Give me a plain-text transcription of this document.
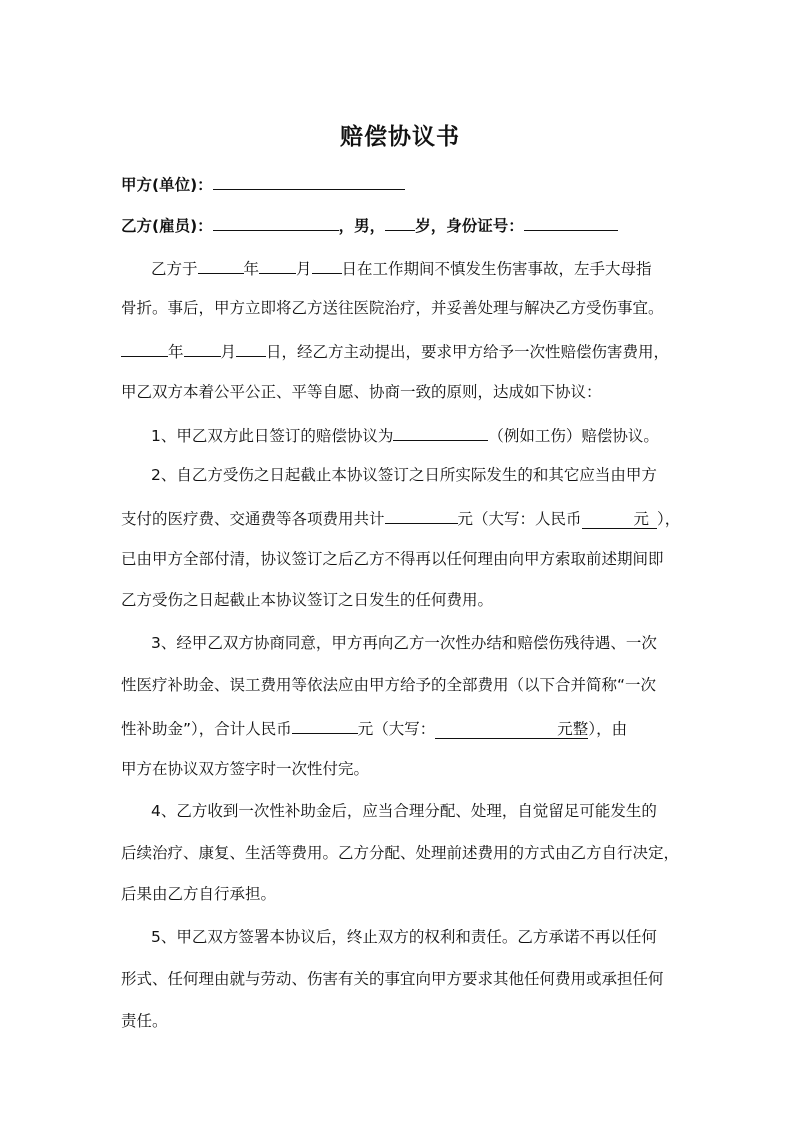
赔偿协议书
甲方(单位)：
乙方(雇员)：	，男， 岁，身份证号：
乙方于	年 月 日在工作期间不慎发生伤害事故，左手大母指
骨折。事后，甲方立即将乙方送往医院治疗，并妥善处理与解决乙方受伤事宜。
年 月 日，经乙方主动提出，要求甲方给予一次性赔偿伤害费用，
甲乙双方本着公平公正、平等自愿、协商一致的原则，达成如下协议：
1、甲乙双方此日签订的赔偿协议为	（例如工伤）赔偿协议。
2、自乙方受伤之日起截止本协议签订之日所实际发生的和其它应当由甲方
支付的医疗费、交通费等各项费用共计	元（大写：人民币	元 ），
已由甲方全部付清，协议签订之后乙方不得再以任何理由向甲方索取前述期间即
乙方受伤之日起截止本协议签订之日发生的任何费用。
3、经甲乙双方协商同意，甲方再向乙方一次性办结和赔偿伤残待遇、一次
性医疗补助金、误工费用等依法应由甲方给予的全部费用（以下合并简称“一次
性补助金”），合计人民币	元（大写：	元整），由
甲方在协议双方签字时一次性付完。
4、乙方收到一次性补助金后，应当合理分配、处理，自觉留足可能发生的
后续治疗、康复、生活等费用。乙方分配、处理前述费用的方式由乙方自行决定，
后果由乙方自行承担。
5、甲乙双方签署本协议后，终止双方的权利和责任。乙方承诺不再以任何
形式、任何理由就与劳动、伤害有关的事宜向甲方要求其他任何费用或承担任何
责任。
